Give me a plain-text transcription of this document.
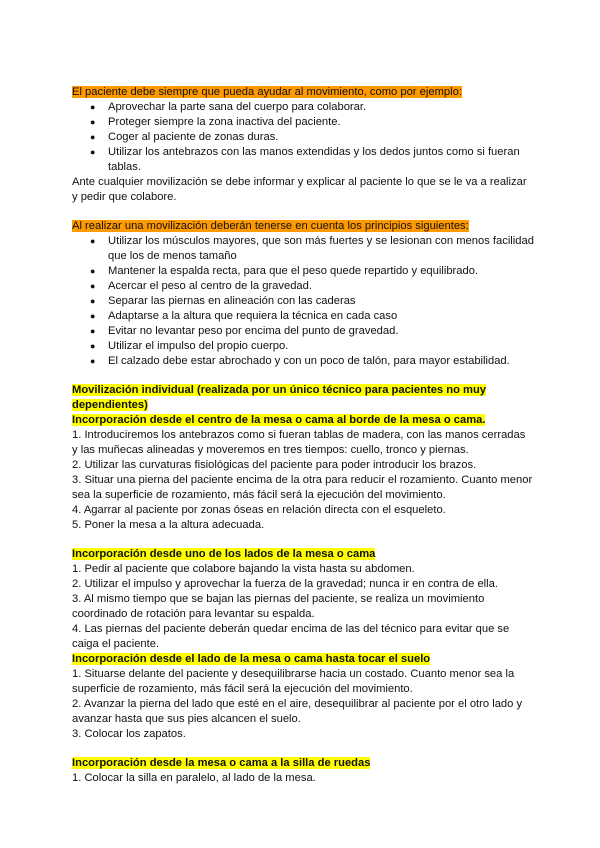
El paciente debe siempre que pueda ayudar al movimiento, como por ejemplo:

● Aprovechar la parte sana del cuerpo para colaborar.
● Proteger siempre la zona inactiva del paciente.
● Coger al paciente de zonas duras.
● Utilizar los antebrazos con las manos extendidas y los dedos juntos como si fueran tablas.

Ante cualquier movilización se debe informar y explicar al paciente lo que se le va a realizar y pedir que colabore.

Al realizar una movilización deberán tenerse en cuenta los principios siguientes:

● Utilizar los músculos mayores, que son más fuertes y se lesionan con menos facilidad que los de menos tamaño
● Mantener la espalda recta, para que el peso quede repartido y equilibrado.
● Acercar el peso al centro de la gravedad.
● Separar las piernas en alineación con las caderas
● Adaptarse a la altura que requiera la técnica en cada caso
● Evitar no levantar peso por encima del punto de gravedad.
● Utilizar el impulso del propio cuerpo.
● El calzado debe estar abrochado y con un poco de talón, para mayor estabilidad.

Movilización individual (realizada por un único técnico para pacientes no muy dependientes)

Incorporación desde el centro de la mesa o cama al borde de la mesa o cama.

1. Introduciremos los antebrazos como si fueran tablas de madera, con las manos cerradas y las muñecas alineadas y moveremos en tres tiempos: cuello, tronco y piernas.

2. Utilizar las curvaturas fisiológicas del paciente para poder introducir los brazos.

3. Situar una pierna del paciente encima de la otra para reducir el rozamiento. Cuanto menor sea la superficie de rozamiento, más fácil será la ejecución del movimiento.

4. Agarrar al paciente por zonas óseas en relación directa con el esqueleto.

5. Poner la mesa a la altura adecuada.

Incorporación desde uno de los lados de la mesa o cama

1. Pedir al paciente que colabore bajando la vista hasta su abdomen.

2. Utilizar el impulso y aprovechar la fuerza de la gravedad; nunca ir en contra de ella.

3. Al mismo tiempo que se bajan las piernas del paciente, se realiza un movimiento coordinado de rotación para levantar su espalda.

4. Las piernas del paciente deberán quedar encima de las del técnico para evitar que se caiga el paciente.

Incorporación desde el lado de la mesa o cama hasta tocar el suelo

1. Situarse delante del paciente y desequilibrarse hacia un costado. Cuanto menor sea la superficie de rozamiento, más fácil será la ejecución del movimiento.

2. Avanzar la pierna del lado que esté en el aire, desequilibrar al paciente por el otro lado y avanzar hasta que sus pies alcancen el suelo.

3. Colocar los zapatos.

Incorporación desde la mesa o cama a la silla de ruedas

1. Colocar la silla en paralelo, al lado de la mesa.
